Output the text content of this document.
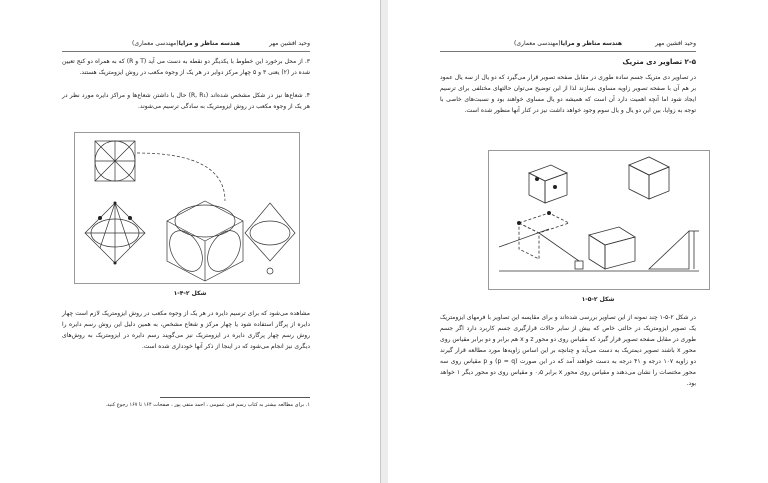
وحید افشین مهر
هندسه مناظر و مرایا(مهندسی معماری)

۳. از محل برخورد این خطوط با یکدیگر دو نقطه به دست می آید (T و R) که به همراه دو کنج تعیین شده در (۲) یعنی ۳ و ۵ چهار مرکز دوایر در هر یک از وجوه مکعب در روش ایزومتریک هستند.

۴. شعاع‌ها نیز در شکل مشخص شده‌اند (R, R₁) حال با داشتن شعاع‌ها و مراکز دایره مورد نظر در هر یک از وجوه مکعب در روش ایزومتریک به سادگی ترسیم می‌شوند.

شکل ۲-۴-۱

مشاهده می‌شود که برای ترسیم دایره در هر یک از وجوه مکعب در روش ایزومتریک لازم است چهار دایره از پرگار استفاده شود یا چهار مرکز و شعاع مشخص، به همین دلیل این روش رسم دایره را روش رسم چهار پرگاری دایره در ایزومتریک نیز می‌گویند رسم دایره در ایزومتریک به روش‌های دیگری نیز انجام می‌شود که در اینجا از ذکر آنها خودداری شده است.

۱. برای مطالعه بیشتر به کتاب رسم فنی عمومی ، احمد متقی پور ، صفحات ۱۶۴ تا ۱۶۷ رجوع کنید.

وحید افشین مهر
هندسه مناظر و مرایا(مهندسی معماری)

۲-۵ تصاویر دی متریک

در تصاویر دی متریک جسم ساده طوری در مقابل صفحه تصویر قرار می‌گیرد که دو یال از سه یال عمود بر هم آن با صفحه تصویر زاویه مساوی بسازند لذا از این توضیح می‌توان حالتهای مختلفی برای ترسیم ایجاد شود اما آنچه اهمیت دارد آن است که همیشه دو یال مساوی خواهند بود و نسبت‌های خاصی با توجه به زوایا، بین این دو یال و یال سوم وجود خواهد داشت نیز در کنار آنها منظور شده است.

شکل ۲-۵-۱

در شکل ۲-۵-۱ چند نمونه از این تصاویر بررسی شده‌اند و برای مقایسه این تصاویر با فرمهای ایزومتریک یک تصویر ایزومتریک در حالتی خاص که بیش از سایر حالات قرارگیری جسم کاربرد دارد اگر جسم طوری در مقابل صفحه تصویر قرار گیرد که مقیاس روی دو محور z و x هم برابر و دو برابر مقیاس روی محور x باشند تصویر دیمتریک به دست می‌آید و چنانچه بر این اساس زاویه‌ها مورد مطالعه قرار گیرند دو زاویه ۱۰۷ درجه و ۴۱ درجه به دست خواهند آمد که در این صورت (p = q) و p مقیاس روی سه محور مختصات را نشان می‌دهند و مقیاس روی محور x برابر ۰٫۵ و مقیاس روی دو محور دیگر ۱ خواهد بود.
